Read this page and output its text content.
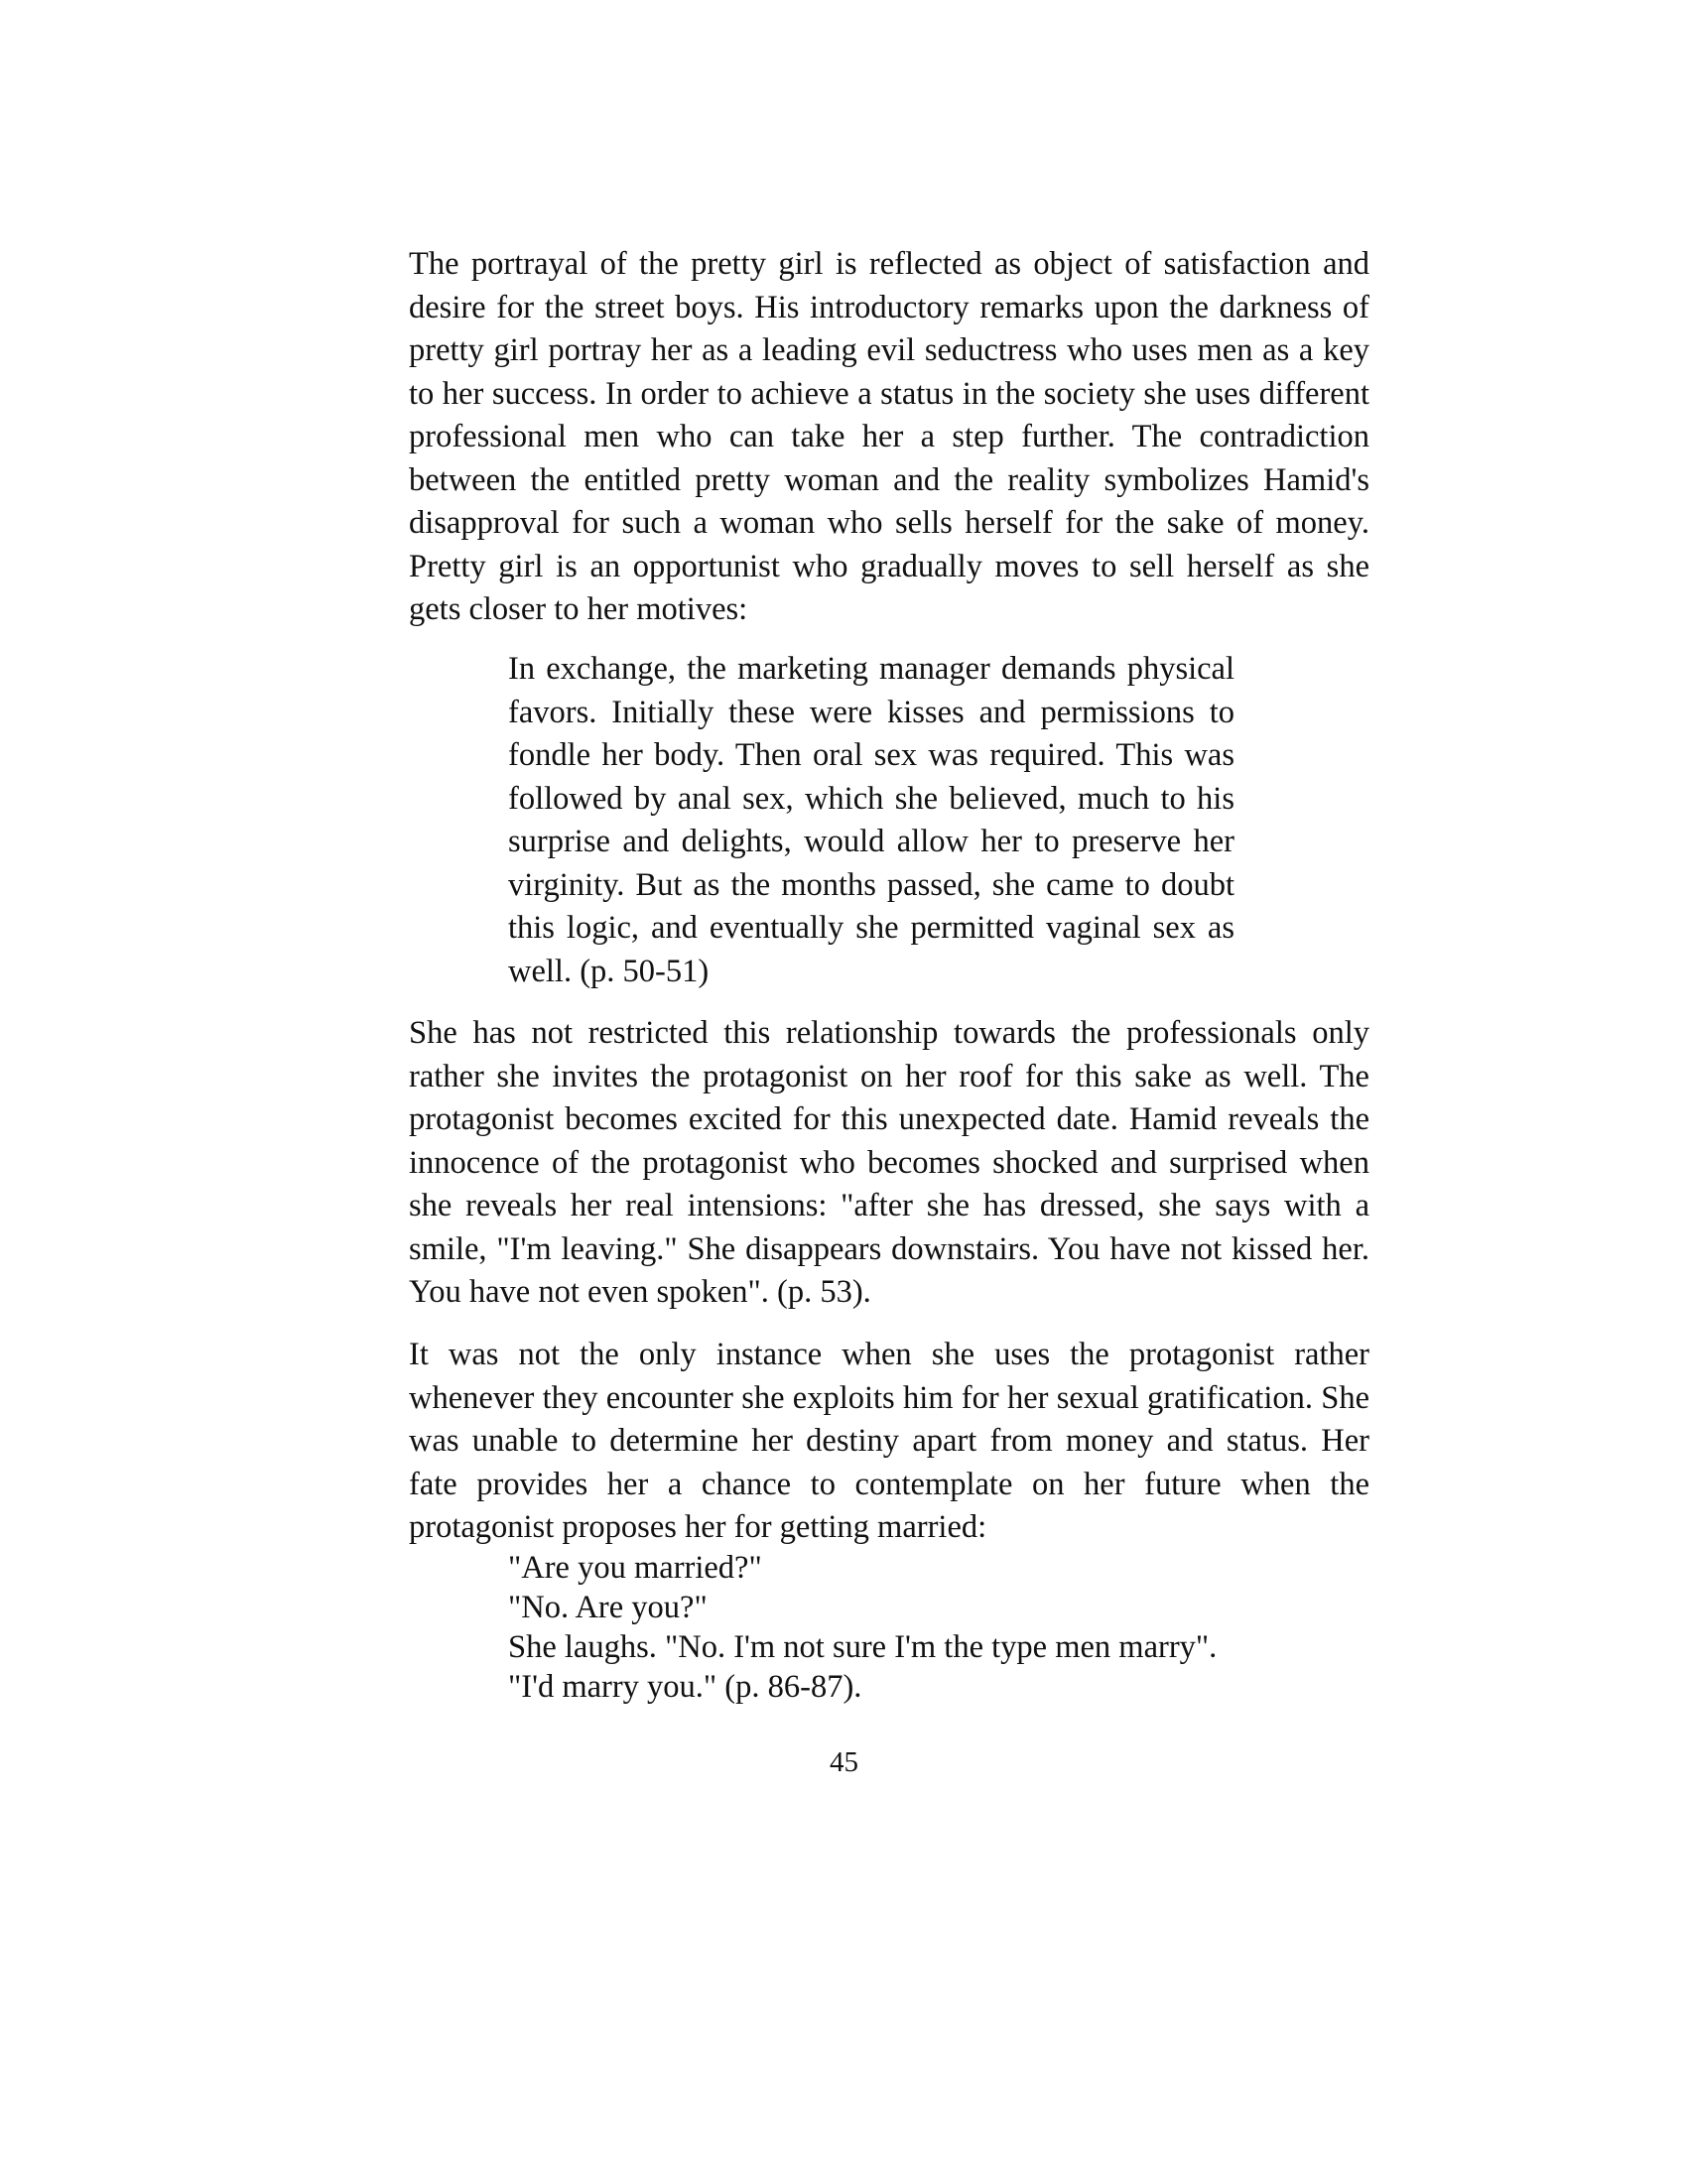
The portrayal of the pretty girl is reflected as object of satisfaction and desire for the street boys. His introductory remarks upon the darkness of pretty girl portray her as a leading evil seductress who uses men as a key to her success. In order to achieve a status in the society she uses different professional men who can take her a step further. The contradiction between the entitled pretty woman and the reality symbolizes Hamid's disapproval for such a woman who sells herself for the sake of money. Pretty girl is an opportunist who gradually moves to sell herself as she gets closer to her motives:

In exchange, the marketing manager demands physical favors. Initially these were kisses and permissions to fondle her body. Then oral sex was required. This was followed by anal sex, which she believed, much to his surprise and delights, would allow her to preserve her virginity. But as the months passed, she came to doubt this logic, and eventually she permitted vaginal sex as well. (p. 50-51)

She has not restricted this relationship towards the professionals only rather she invites the protagonist on her roof for this sake as well. The protagonist becomes excited for this unexpected date. Hamid reveals the innocence of the protagonist who becomes shocked and surprised when she reveals her real intensions: "after she has dressed, she says with a smile, "I'm leaving." She disappears downstairs. You have not kissed her. You have not even spoken". (p. 53).

It was not the only instance when she uses the protagonist rather whenever they encounter she exploits him for her sexual gratification. She was unable to determine her destiny apart from money and status. Her fate provides her a chance to contemplate on her future when the protagonist proposes her for getting married:

"Are you married?"
"No. Are you?"
She laughs. "No. I'm not sure I'm the type men marry".
"I'd marry you." (p. 86-87).
45
